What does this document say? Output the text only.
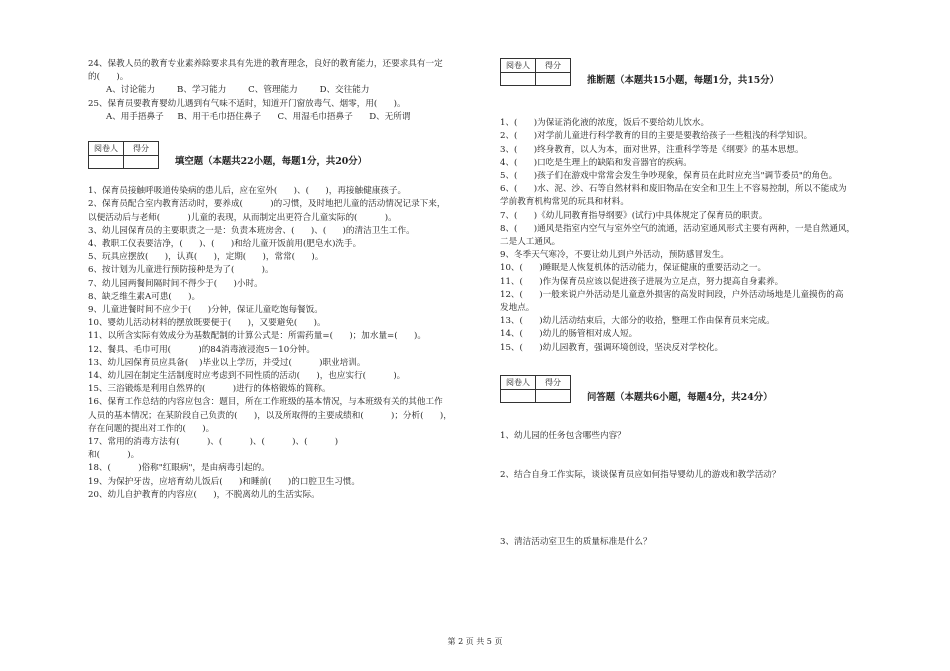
24、保教人员的教育专业素养除要求具有先进的教育理念，良好的教育能力，还要求具有一定

的(      )。

A、讨论能力        B、学习能力        C、管理能力        D、交往能力

25、保育员要教育婴幼儿遇到有气味不适时，知道开门窗放毒气、烟零，用(      )。

A、用手捂鼻子     B、用干毛巾捂住鼻子      C、用湿毛巾捂鼻子      D、无所谓

阅卷人	得分

填空题（本题共22小题，每题1分，共20分）

1、保育员接触呼吸道传染病的患儿后，应在室外(      )、(      )，再接触健康孩子。

2、保育员配合室内教育活动时，要养成(          )的习惯，及时地把儿童的活动情况记录下来，

以便活动后与老师(          )儿童的表现，从而制定出更符合儿童实际的(          )。

3、幼儿园保育员的主要职责之一是：负责本班房舍、(      )、(      )的清洁卫生工作。

4、教职工仪表要洁净，(      )、(      )和给儿童开饭前用(肥皂水)洗手。

5、玩具应摆放(      )，认真(      )，定期(      )，常常(      )。

6、按计划为儿童进行预防接种是为了(          )。

7、幼儿园两餐间隔时间不得少于(      )小时。

8、缺乏维生素A可患(      )。

9、儿童进餐时间不应少于(      )分钟，保证儿童吃饱每餐饭。

10、婴幼儿活动材料的摆放既要便于(      )，又要避免(      )。

11、以所含实际有效成分为基数配制的计算公式是：所需药量=(      )；加水量=(      )。

12、餐具、毛巾可用(          )的84消毒液浸泡5－10分钟。

13、幼儿园保育员应具备(    )毕业以上学历，并受过(          )职业培训。

14、幼儿园在制定生活制度时应考虑到不同性质的活动(      )，也应实行(          )。

15、三浴锻炼是利用自然界的(          )进行的体格锻炼的简称。

16、保育工作总结的内容应包含：题目，所在工作班级的基本情况，与本班级有关的其他工作

人员的基本情况；在某阶段自己负责的(      )，以及所取得的主要成绩和(          )；分析(      )，

存在问题的提出对工作的(      )。

17、常用的消毒方法有(          )、(          )、(          )、(          )

和(          )。

18、(          )俗称"红眼病"，是由病毒引起的。

19、为保护牙齿，应培育幼儿饭后(      )和睡前(      )的口腔卫生习惯。

20、幼儿自护教育的内容应(      )，不脱离幼儿的生活实际。

阅卷人	得分

推断题（本题共15小题，每题1分，共15分）

1、(      )为保证消化液的浓度，饭后不要给幼儿饮水。

2、(      )对学前儿童进行科学教育的目的主要是要教给孩子一些粗浅的科学知识。

3、(      )终身教育，以人为本，面对世界，注重科学等是《纲要》的基本思想。

4、(      )口吃是生理上的缺陷和发音器官的疾病。

5、(      )孩子们在游戏中常常会发生争吵现象，保育员在此时应充当"调节委员"的角色。

6、(      )水、泥、沙、石等自然材料和废旧物品在安全和卫生上不容易控制，所以不能成为

学前教育机构常见的玩具和材料。

7、(      )《幼儿同教育指导纲要》(试行)中具体规定了保育员的职责。

8、(      )通风是指室内空气与室外空气的流通，活动室通风形式主要有两种，一是自然通风，

二是人工通风。

9、冬季天气寒冷，不要让幼儿到户外活动，预防感冒发生。

10、(      )睡眠是人恢复机体的活动能力，保证健康的重要活动之一。

11、(      )作为保育员应该以促进孩子进展为立足点，努力提高自身素养。

12、(      )一般来说户外活动是儿童意外损害的高发时间段，户外活动场地是儿童摸伤的高

发地点。

13、(      )幼儿活动结束后，大部分的收拾，整理工作由保育员来完成。

14、(      )幼儿的肠管相对成人短。

15、(      )幼儿园教育，强调环境创设，坚决反对学校化。

阅卷人	得分

问答题（本题共6小题，每题4分，共24分）

1、幼儿园的任务包含哪些内容？

2、结合自身工作实际，谈谈保育员应如何指导婴幼儿的游戏和教学活动？

3、清洁活动室卫生的质量标准是什么？

第 2 页 共 5 页
